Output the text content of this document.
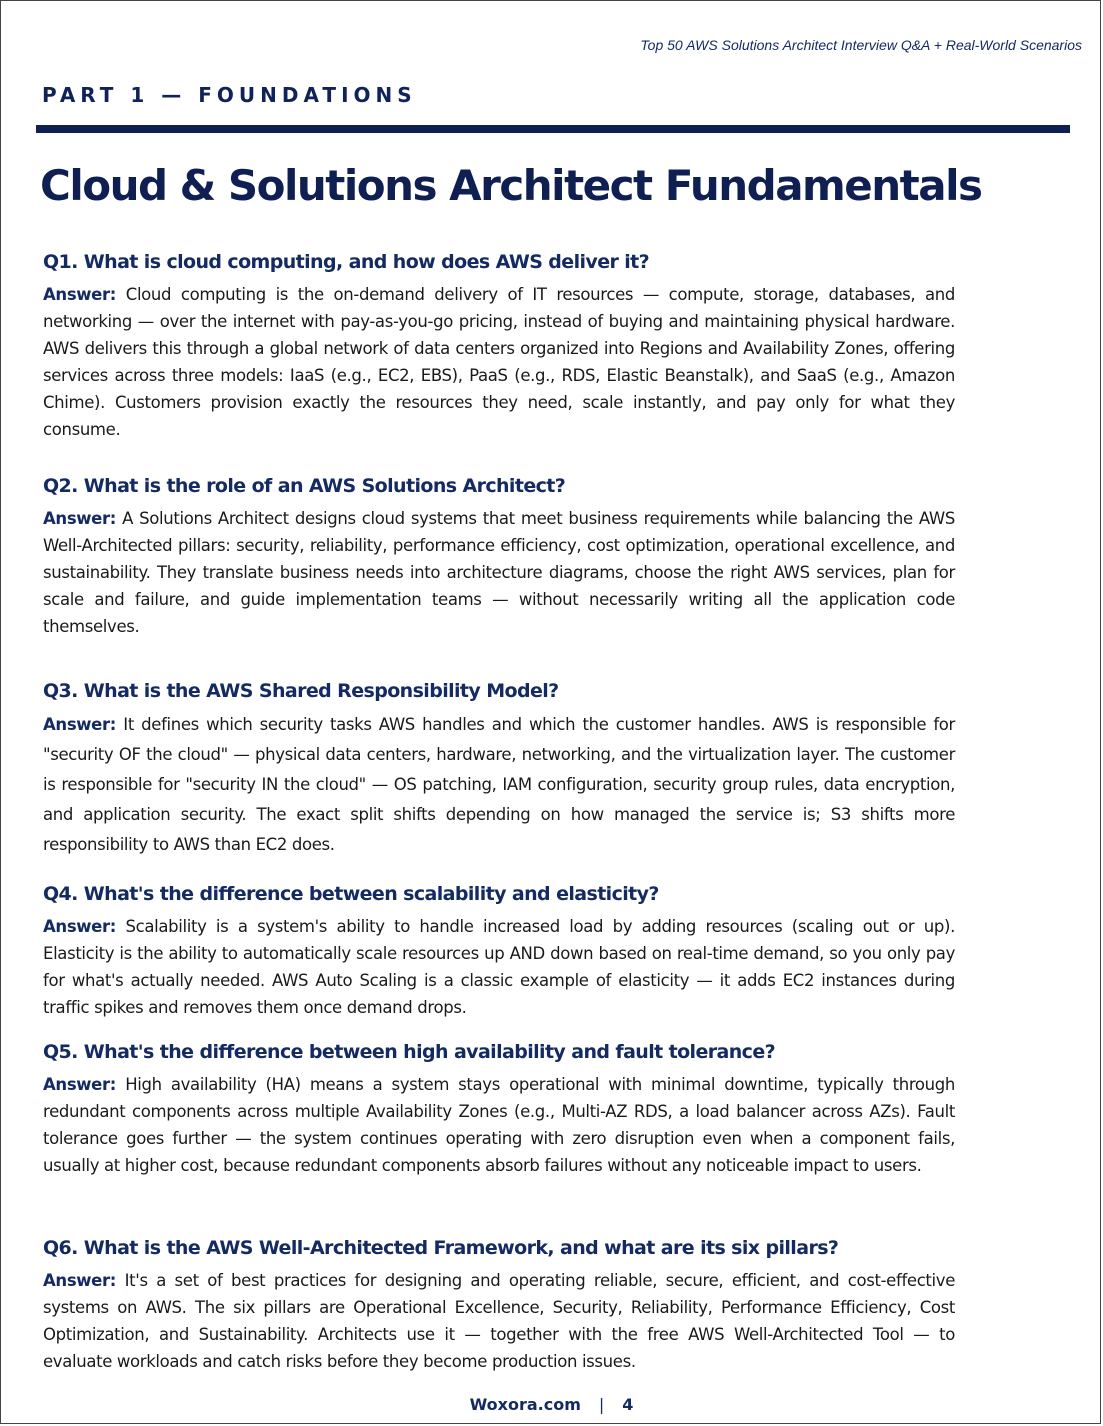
Top 50 AWS Solutions Architect Interview Q&A + Real-World Scenarios
PART 1 — FOUNDATIONS
Cloud & Solutions Architect Fundamentals

Q1. What is cloud computing, and how does AWS deliver it?

Answer: Cloud computing is the on-demand delivery of IT resources — compute, storage, databases, and networking — over the internet with pay-as-you-go pricing, instead of buying and maintaining physical hardware. AWS delivers this through a global network of data centers organized into Regions and Availability Zones, offering services across three models: IaaS (e.g., EC2, EBS), PaaS (e.g., RDS, Elastic Beanstalk), and SaaS (e.g., Amazon Chime). Customers provision exactly the resources they need, scale instantly, and pay only for what they consume.

Q2. What is the role of an AWS Solutions Architect?

Answer: A Solutions Architect designs cloud systems that meet business requirements while balancing the AWS Well-Architected pillars: security, reliability, performance efficiency, cost optimization, operational excellence, and sustainability. They translate business needs into architecture diagrams, choose the right AWS services, plan for scale and failure, and guide implementation teams — without necessarily writing all the application code themselves.

Q3. What is the AWS Shared Responsibility Model?

Answer: It defines which security tasks AWS handles and which the customer handles. AWS is responsible for "security OF the cloud" — physical data centers, hardware, networking, and the virtualization layer. The customer is responsible for "security IN the cloud" — OS patching, IAM configuration, security group rules, data encryption, and application security. The exact split shifts depending on how managed the service is; S3 shifts more responsibility to AWS than EC2 does.

Q4. What's the difference between scalability and elasticity?

Answer: Scalability is a system's ability to handle increased load by adding resources (scaling out or up). Elasticity is the ability to automatically scale resources up AND down based on real-time demand, so you only pay for what's actually needed. AWS Auto Scaling is a classic example of elasticity — it adds EC2 instances during traffic spikes and removes them once demand drops.

Q5. What's the difference between high availability and fault tolerance?

Answer: High availability (HA) means a system stays operational with minimal downtime, typically through redundant components across multiple Availability Zones (e.g., Multi-AZ RDS, a load balancer across AZs). Fault tolerance goes further — the system continues operating with zero disruption even when a component fails, usually at higher cost, because redundant components absorb failures without any noticeable impact to users.

Q6. What is the AWS Well-Architected Framework, and what are its six pillars?

Answer: It's a set of best practices for designing and operating reliable, secure, efficient, and cost-effective systems on AWS. The six pillars are Operational Excellence, Security, Reliability, Performance Efficiency, Cost Optimization, and Sustainability. Architects use it — together with the free AWS Well-Architected Tool — to evaluate workloads and catch risks before they become production issues.

Woxora.com | 4
